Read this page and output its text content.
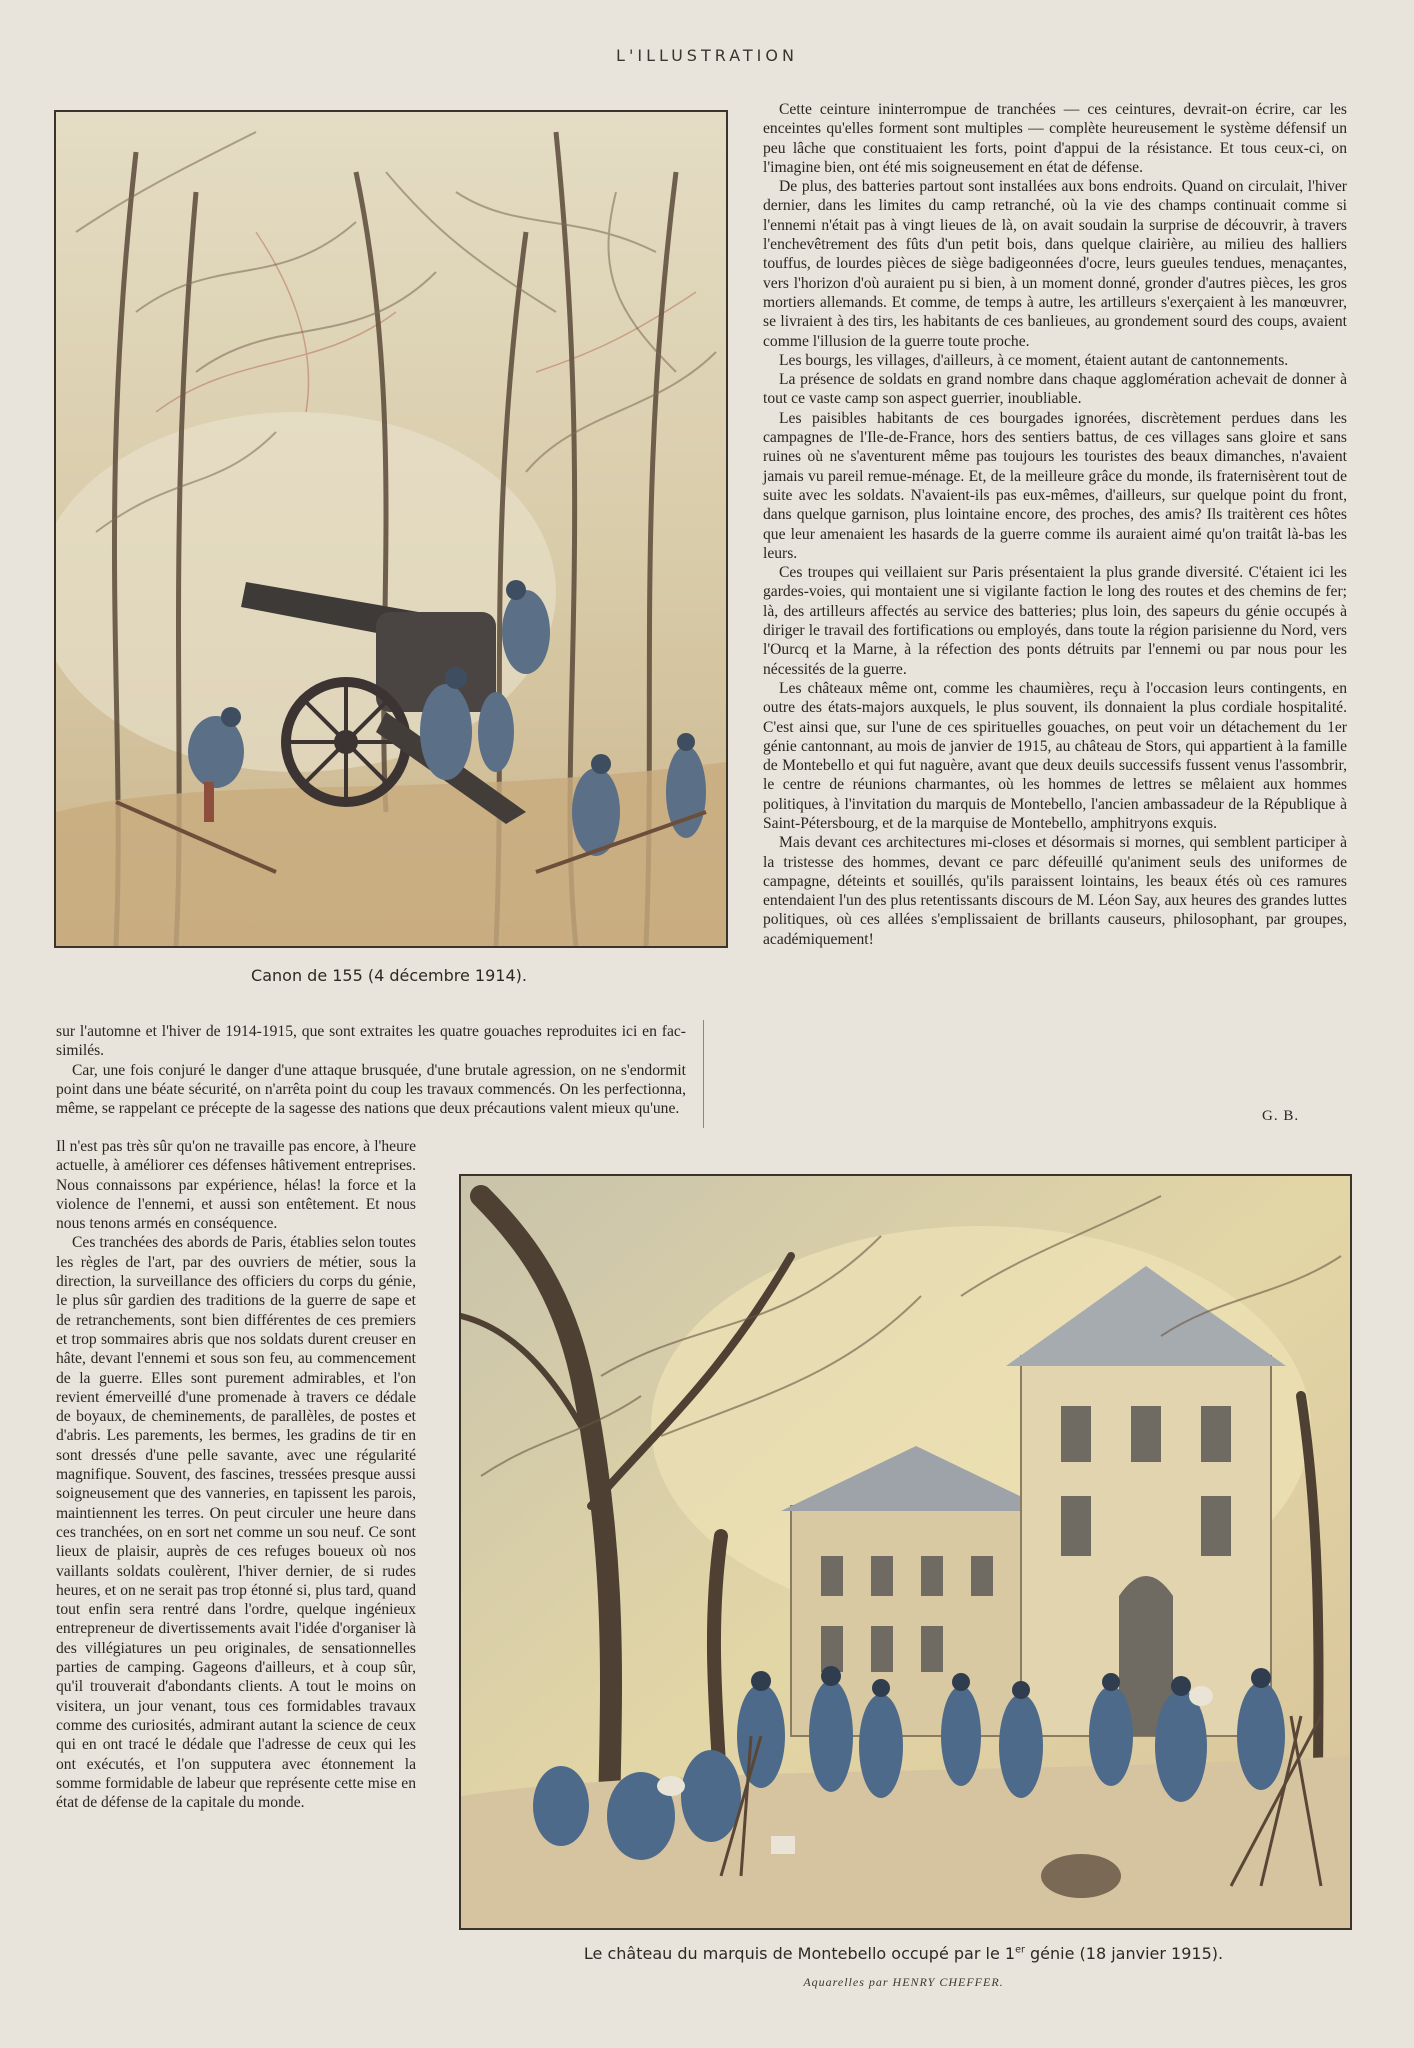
L'ILLUSTRATION
Canon de 155 (4 décembre 1914).

sur l'automne et l'hiver de 1914-1915, que sont extraites les quatre gouaches reproduites ici en fac-similés.

Car, une fois conjuré le danger d'une attaque brusquée, d'une brutale agression, on ne s'endormit point dans une béate sécurité, on n'arrêta point du coup les travaux commencés. On les perfectionna, même, se rappelant ce précepte de la sagesse des nations que deux précautions valent mieux qu'une.

Il n'est pas très sûr qu'on ne travaille pas encore, à l'heure actuelle, à améliorer ces défenses hâtivement entreprises. Nous connaissons par expérience, hélas! la force et la violence de l'ennemi, et aussi son entêtement. Et nous nous tenons armés en conséquence.

Ces tranchées des abords de Paris, établies selon toutes les règles de l'art, par des ouvriers de métier, sous la direction, la surveillance des officiers du corps du génie, le plus sûr gardien des traditions de la guerre de sape et de retranchements, sont bien différentes de ces premiers et trop sommaires abris que nos soldats durent creuser en hâte, devant l'ennemi et sous son feu, au commencement de la guerre. Elles sont purement admirables, et l'on revient émerveillé d'une promenade à travers ce dédale de boyaux, de cheminements, de parallèles, de postes et d'abris. Les parements, les bermes, les gradins de tir en sont dressés d'une pelle savante, avec une régularité magnifique. Souvent, des fascines, tressées presque aussi soigneusement que des vanneries, en tapissent les parois, maintiennent les terres. On peut circuler une heure dans ces tranchées, on en sort net comme un sou neuf. Ce sont lieux de plaisir, auprès de ces refuges boueux où nos vaillants soldats coulèrent, l'hiver dernier, de si rudes heures, et on ne serait pas trop étonné si, plus tard, quand tout enfin sera rentré dans l'ordre, quelque ingénieux entrepreneur de divertissements avait l'idée d'organiser là des villégiatures un peu originales, de sensationnelles parties de camping. Gageons d'ailleurs, et à coup sûr, qu'il trouverait d'abondants clients. A tout le moins on visitera, un jour venant, tous ces formidables travaux comme des curiosités, admirant autant la science de ceux qui en ont tracé le dédale que l'adresse de ceux qui les ont exécutés, et l'on supputera avec étonnement la somme formidable de labeur que représente cette mise en état de défense de la capitale du monde.

Cette ceinture ininterrompue de tranchées — ces ceintures, devrait-on écrire, car les enceintes qu'elles forment sont multiples — complète heureusement le système défensif un peu lâche que constituaient les forts, point d'appui de la résistance. Et tous ceux-ci, on l'imagine bien, ont été mis soigneusement en état de défense.

De plus, des batteries partout sont installées aux bons endroits. Quand on circulait, l'hiver dernier, dans les limites du camp retranché, où la vie des champs continuait comme si l'ennemi n'était pas à vingt lieues de là, on avait soudain la surprise de découvrir, à travers l'enchevêtrement des fûts d'un petit bois, dans quelque clairière, au milieu des halliers touffus, de lourdes pièces de siège badigeonnées d'ocre, leurs gueules tendues, menaçantes, vers l'horizon d'où auraient pu si bien, à un moment donné, gronder d'autres pièces, les gros mortiers allemands. Et comme, de temps à autre, les artilleurs s'exerçaient à les manœuvrer, se livraient à des tirs, les habitants de ces banlieues, au grondement sourd des coups, avaient comme l'illusion de la guerre toute proche.

Les bourgs, les villages, d'ailleurs, à ce moment, étaient autant de cantonnements.

La présence de soldats en grand nombre dans chaque agglomération achevait de donner à tout ce vaste camp son aspect guerrier, inoubliable.

Les paisibles habitants de ces bourgades ignorées, discrètement perdues dans les campagnes de l'Ile-de-France, hors des sentiers battus, de ces villages sans gloire et sans ruines où ne s'aventurent même pas toujours les touristes des beaux dimanches, n'avaient jamais vu pareil remue-ménage. Et, de la meilleure grâce du monde, ils fraternisèrent tout de suite avec les soldats. N'avaient-ils pas eux-mêmes, d'ailleurs, sur quelque point du front, dans quelque garnison, plus lointaine encore, des proches, des amis? Ils traitèrent ces hôtes que leur amenaient les hasards de la guerre comme ils auraient aimé qu'on traitât là-bas les leurs.

Ces troupes qui veillaient sur Paris présentaient la plus grande diversité. C'étaient ici les gardes-voies, qui montaient une si vigilante faction le long des routes et des chemins de fer; là, des artilleurs affectés au service des batteries; plus loin, des sapeurs du génie occupés à diriger le travail des fortifications ou employés, dans toute la région parisienne du Nord, vers l'Ourcq et la Marne, à la réfection des ponts détruits par l'ennemi ou par nous pour les nécessités de la guerre.

Les châteaux même ont, comme les chaumières, reçu à l'occasion leurs contingents, en outre des états-majors auxquels, le plus souvent, ils donnaient la plus cordiale hospitalité. C'est ainsi que, sur l'une de ces spirituelles gouaches, on peut voir un détachement du 1er génie cantonnant, au mois de janvier de 1915, au château de Stors, qui appartient à la famille de Montebello et qui fut naguère, avant que deux deuils successifs fussent venus l'assombrir, le centre de réunions charmantes, où les hommes de lettres se mêlaient aux hommes politiques, à l'invitation du marquis de Montebello, l'ancien ambassadeur de la République à Saint-Pétersbourg, et de la marquise de Montebello, amphitryons exquis.

Mais devant ces architectures mi-closes et désormais si mornes, qui semblent participer à la tristesse des hommes, devant ce parc défeuillé qu'animent seuls des uniformes de campagne, déteints et souillés, qu'ils paraissent lointains, les beaux étés où ces ramures entendaient l'un des plus retentissants discours de M. Léon Say, aux heures des grandes luttes politiques, où ces allées s'emplissaient de brillants causeurs, philosophant, par groupes, académiquement!

G. B.
Le château du marquis de Montebello occupé par le 1er génie (18 janvier 1915).
Aquarelles par HENRY CHEFFER.
